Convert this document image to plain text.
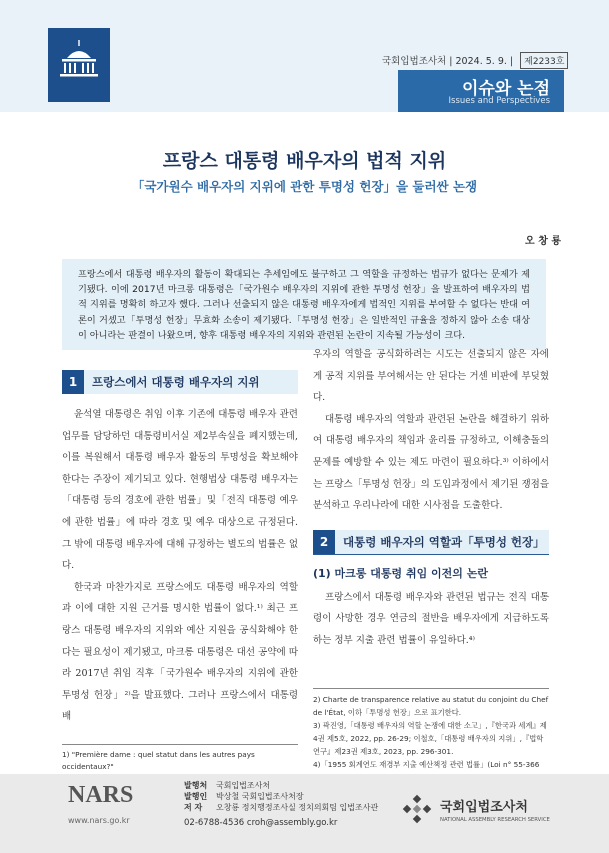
국회입법조사처 | 2024. 5. 9. | 제2233호
이슈와 논점
Issues and Perspectives
프랑스 대통령 배우자의 법적 지위
「국가원수 배우자의 지위에 관한 투명성 헌장」을 둘러싼 논쟁
오 창 룡
프랑스에서 대통령 배우자의 활동이 확대되는 추세임에도 불구하고 그 역할을 규정하는 법규가 없다는 문제가 제기됐다. 이에 2017년 마크롱 대통령은「국가원수 배우자의 지위에 관한 투명성 헌장」을 발표하여 배우자의 법적 지위를 명확히 하고자 했다. 그러나 선출되지 않은 대통령 배우자에게 법적인 지위를 부여할 수 없다는 반대 여론이 거셌고「투명성 헌장」무효화 소송이 제기됐다.「투명성 헌장」은 일반적인 규율을 정하지 않아 소송 대상이 아니라는 판결이 나왔으며, 향후 대통령 배우자의 지위와 관련된 논란이 지속될 가능성이 크다.
1	프랑스에서 대통령 배우자의 지위

윤석열 대통령은 취임 이후 기존에 대통령 배우자 관련 업무를 담당하던 대통령비서실 제2부속실을 폐지했는데, 이를 복원해서 대통령 배우자 활동의 투명성을 확보해야 한다는 주장이 제기되고 있다. 현행법상 대통령 배우자는「대통령 등의 경호에 관한 법률」및「전직 대통령 예우에 관한 법률」에 따라 경호 및 예우 대상으로 규정된다. 그 밖에 대통령 배우자에 대해 규정하는 별도의 법률은 없다.

한국과 마찬가지로 프랑스에도 대통령 배우자의 역할과 이에 대한 지원 근거를 명시한 법률이 없다.¹⁾ 최근 프랑스 대통령 배우자의 지위와 예산 지원을 공식화해야 한다는 필요성이 제기됐고, 마크롱 대통령은 대선 공약에 따라 2017년 취임 직후「국가원수 배우자의 지위에 관한 투명성 헌장」²⁾을 발표했다. 그러나 프랑스에서 대통령 배

우자의 역할을 공식화하려는 시도는 선출되지 않은 자에게 공적 지위를 부여해서는 안 된다는 거센 비판에 부딪혔다.

대통령 배우자의 역할과 관련된 논란을 해결하기 위하여 대통령 배우자의 책임과 윤리를 규정하고, 이해충돌의 문제를 예방할 수 있는 제도 마련이 필요하다.³⁾ 이하에서는 프랑스「투명성 헌장」의 도입과정에서 제기된 쟁점을 분석하고 우리나라에 대한 시사점을 도출한다.

2	대통령 배우자의 역할과「투명성 헌장」
(1) 마크롱 대통령 취임 이전의 논란

프랑스에서 대통령 배우자와 관련된 법규는 전직 대통령이 사망한 경우 연금의 절반을 배우자에게 지급하도록 하는 정부 지출 관련 법률이 유일하다.⁴⁾

1) "Première dame : quel statut dans les autres pays occidentaux?"
2) Charte de transparence relative au statut du conjoint du Chef de l'État, 이하「투명성 헌장」으로 표기한다.
3) 곽진영,「대통령 배우자의 역할 논쟁에 대한 소고」,『한국과 세계』제4권 제5호, 2022, pp. 26-29; 이철호,「대통령 배우자의 지위」,『법학연구』제23권 제3호, 2023, pp. 296-301.
4)「1955 회계연도 재경부 지출 예산책정 관련 법률」(Loi n° 55-366
NARS
www.nars.go.kr
발행처 국회입법조사처
발행인 박상철 국회입법조사처장
저 자 오창룡 정치행정조사실 정치의회팀 입법조사관
02-6788-4536 croh@assembly.go.kr
국회입법조사처
NATIONAL ASSEMBLY RESEARCH SERVICE
